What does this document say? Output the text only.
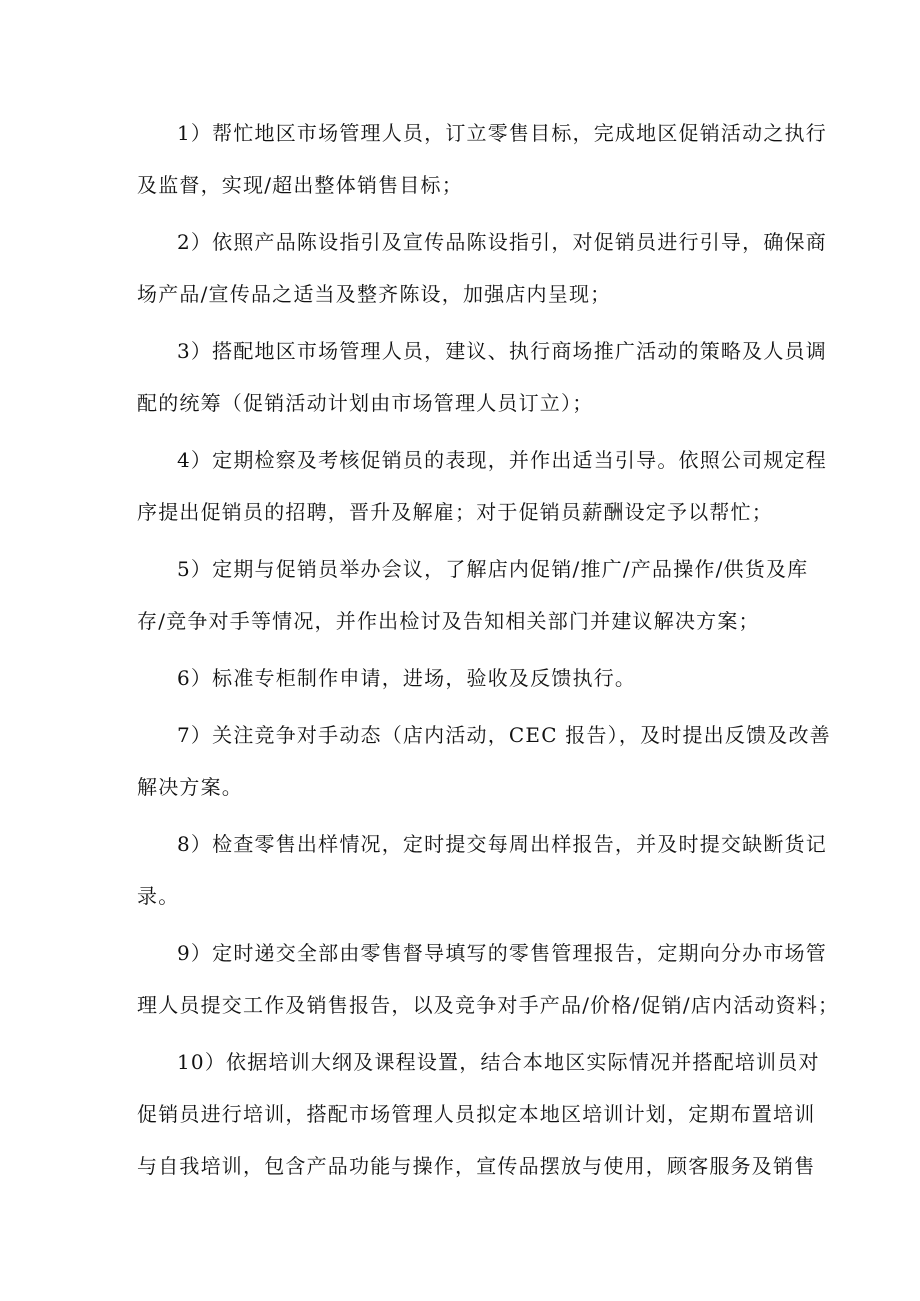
1）帮忙地区市场管理人员，订立零售目标，完成地区促销活动之执行
及监督，实现/超出整体销售目标；
2）依照产品陈设指引及宣传品陈设指引，对促销员进行引导，确保商
场产品/宣传品之适当及整齐陈设，加强店内呈现；
3）搭配地区市场管理人员，建议、执行商场推广活动的策略及人员调
配的统筹（促销活动计划由市场管理人员订立）；
4）定期检察及考核促销员的表现，并作出适当引导。依照公司规定程
序提出促销员的招聘，晋升及解雇；对于促销员薪酬设定予以帮忙；
5）定期与促销员举办会议，了解店内促销/推广/产品操作/供货及库
存/竞争对手等情况，并作出检讨及告知相关部门并建议解决方案；
6）标准专柜制作申请，进场，验收及反馈执行。
7）关注竞争对手动态（店内活动，CEC 报告），及时提出反馈及改善
解决方案。
8）检查零售出样情况，定时提交每周出样报告，并及时提交缺断货记
录。
9）定时递交全部由零售督导填写的零售管理报告，定期向分办市场管
理人员提交工作及销售报告，以及竞争对手产品/价格/促销/店内活动资料；
10）依据培训大纲及课程设置，结合本地区实际情况并搭配培训员对
促销员进行培训，搭配市场管理人员拟定本地区培训计划，定期布置培训
与自我培训，包含产品功能与操作，宣传品摆放与使用，顾客服务及销售
